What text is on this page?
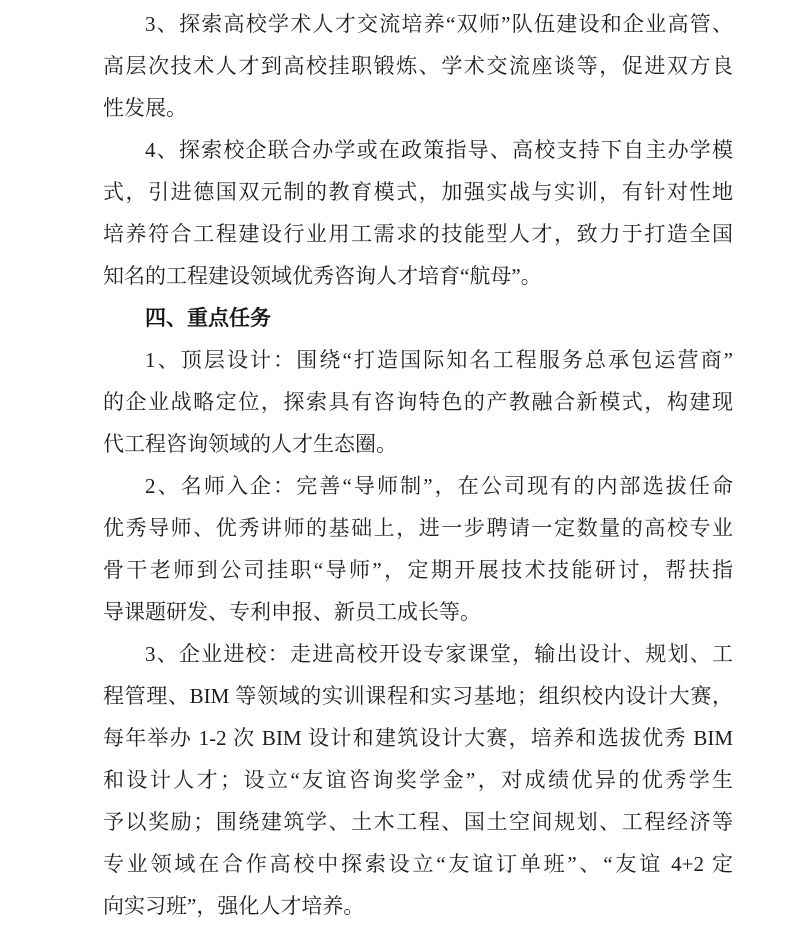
3、探索高校学术人才交流培养“双师”队伍建设和企业高管、
高层次技术人才到高校挂职锻炼、学术交流座谈等，促进双方良
性发展。
4、探索校企联合办学或在政策指导、高校支持下自主办学模
式，引进德国双元制的教育模式，加强实战与实训，有针对性地
培养符合工程建设行业用工需求的技能型人才，致力于打造全国
知名的工程建设领域优秀咨询人才培育“航母”。
四、重点任务
1、顶层设计：围绕“打造国际知名工程服务总承包运营商”
的企业战略定位，探索具有咨询特色的产教融合新模式，构建现
代工程咨询领域的人才生态圈。
2、名师入企：完善“导师制”，在公司现有的内部选拔任命
优秀导师、优秀讲师的基础上，进一步聘请一定数量的高校专业
骨干老师到公司挂职“导师”，定期开展技术技能研讨，帮扶指
导课题研发、专利申报、新员工成长等。
3、企业进校：走进高校开设专家课堂，输出设计、规划、工
程管理、BIM 等领域的实训课程和实习基地；组织校内设计大赛，
每年举办 1-2 次 BIM 设计和建筑设计大赛，培养和选拔优秀 BIM
和设计人才；设立“友谊咨询奖学金”，对成绩优异的优秀学生
予以奖励；围绕建筑学、土木工程、国土空间规划、工程经济等
专业领域在合作高校中探索设立“友谊订单班”、“友谊 4+2 定
向实习班”，强化人才培养。
